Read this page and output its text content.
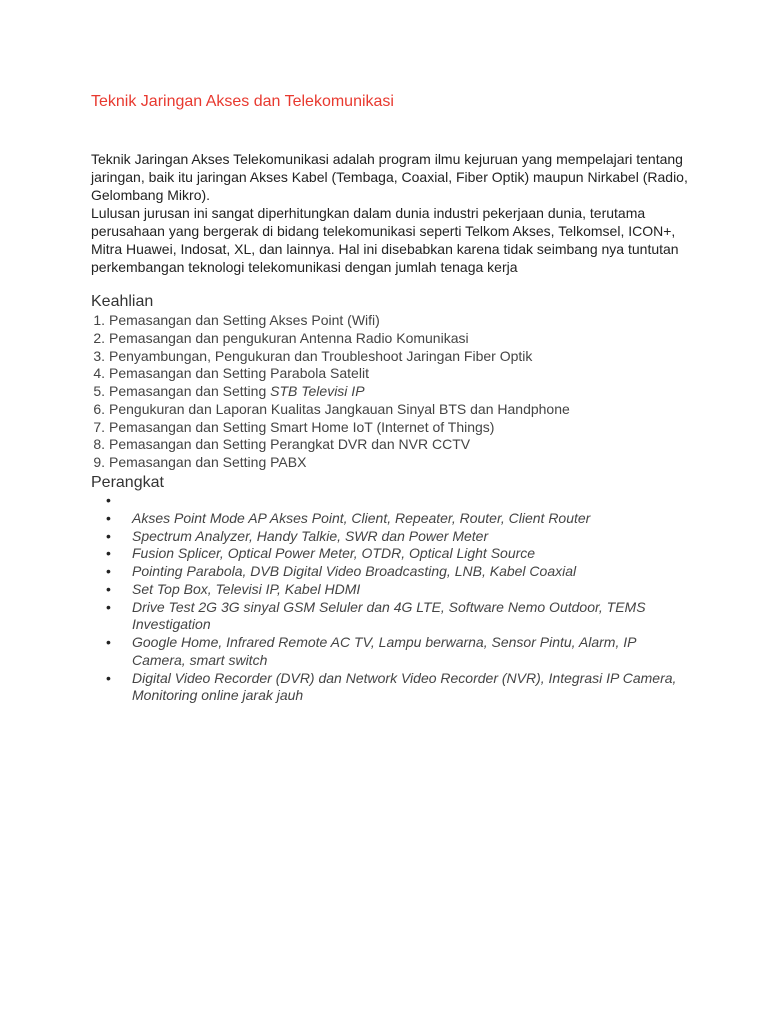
Teknik Jaringan Akses dan Telekomunikasi

Teknik Jaringan Akses Telekomunikasi adalah program ilmu kejuruan yang mempelajari tentang jaringan, baik itu jaringan Akses Kabel (Tembaga, Coaxial, Fiber Optik) maupun Nirkabel (Radio, Gelombang Mikro).

Lulusan jurusan ini sangat diperhitungkan dalam dunia industri pekerjaan dunia, terutama perusahaan yang bergerak di bidang telekomunikasi seperti Telkom Akses, Telkomsel, ICON+, Mitra Huawei, Indosat, XL, dan lainnya. Hal ini disebabkan karena tidak seimbang nya tuntutan perkembangan teknologi telekomunikasi dengan jumlah tenaga kerja

Keahlian
1. Pemasangan dan Setting Akses Point (Wifi)
2. Pemasangan dan pengukuran Antenna Radio Komunikasi
3. Penyambungan, Pengukuran dan Troubleshoot Jaringan Fiber Optik
4. Pemasangan dan Setting Parabola Satelit
5. Pemasangan dan Setting STB Televisi IP
6. Pengukuran dan Laporan Kualitas Jangkauan Sinyal BTS dan Handphone
7. Pemasangan dan Setting Smart Home IoT (Internet of Things)
8. Pemasangan dan Setting Perangkat DVR dan NVR CCTV
9. Pemasangan dan Setting PABX
Perangkat
•
• Akses Point Mode AP Akses Point, Client, Repeater, Router, Client Router
• Spectrum Analyzer, Handy Talkie, SWR dan Power Meter
• Fusion Splicer, Optical Power Meter, OTDR, Optical Light Source
• Pointing Parabola, DVB Digital Video Broadcasting, LNB, Kabel Coaxial
• Set Top Box, Televisi IP, Kabel HDMI
• Drive Test 2G 3G sinyal GSM Seluler dan 4G LTE, Software Nemo Outdoor, TEMS Investigation
• Google Home, Infrared Remote AC TV, Lampu berwarna, Sensor Pintu, Alarm, IP Camera, smart switch
• Digital Video Recorder (DVR) dan Network Video Recorder (NVR), Integrasi IP Camera, Monitoring online jarak jauh
